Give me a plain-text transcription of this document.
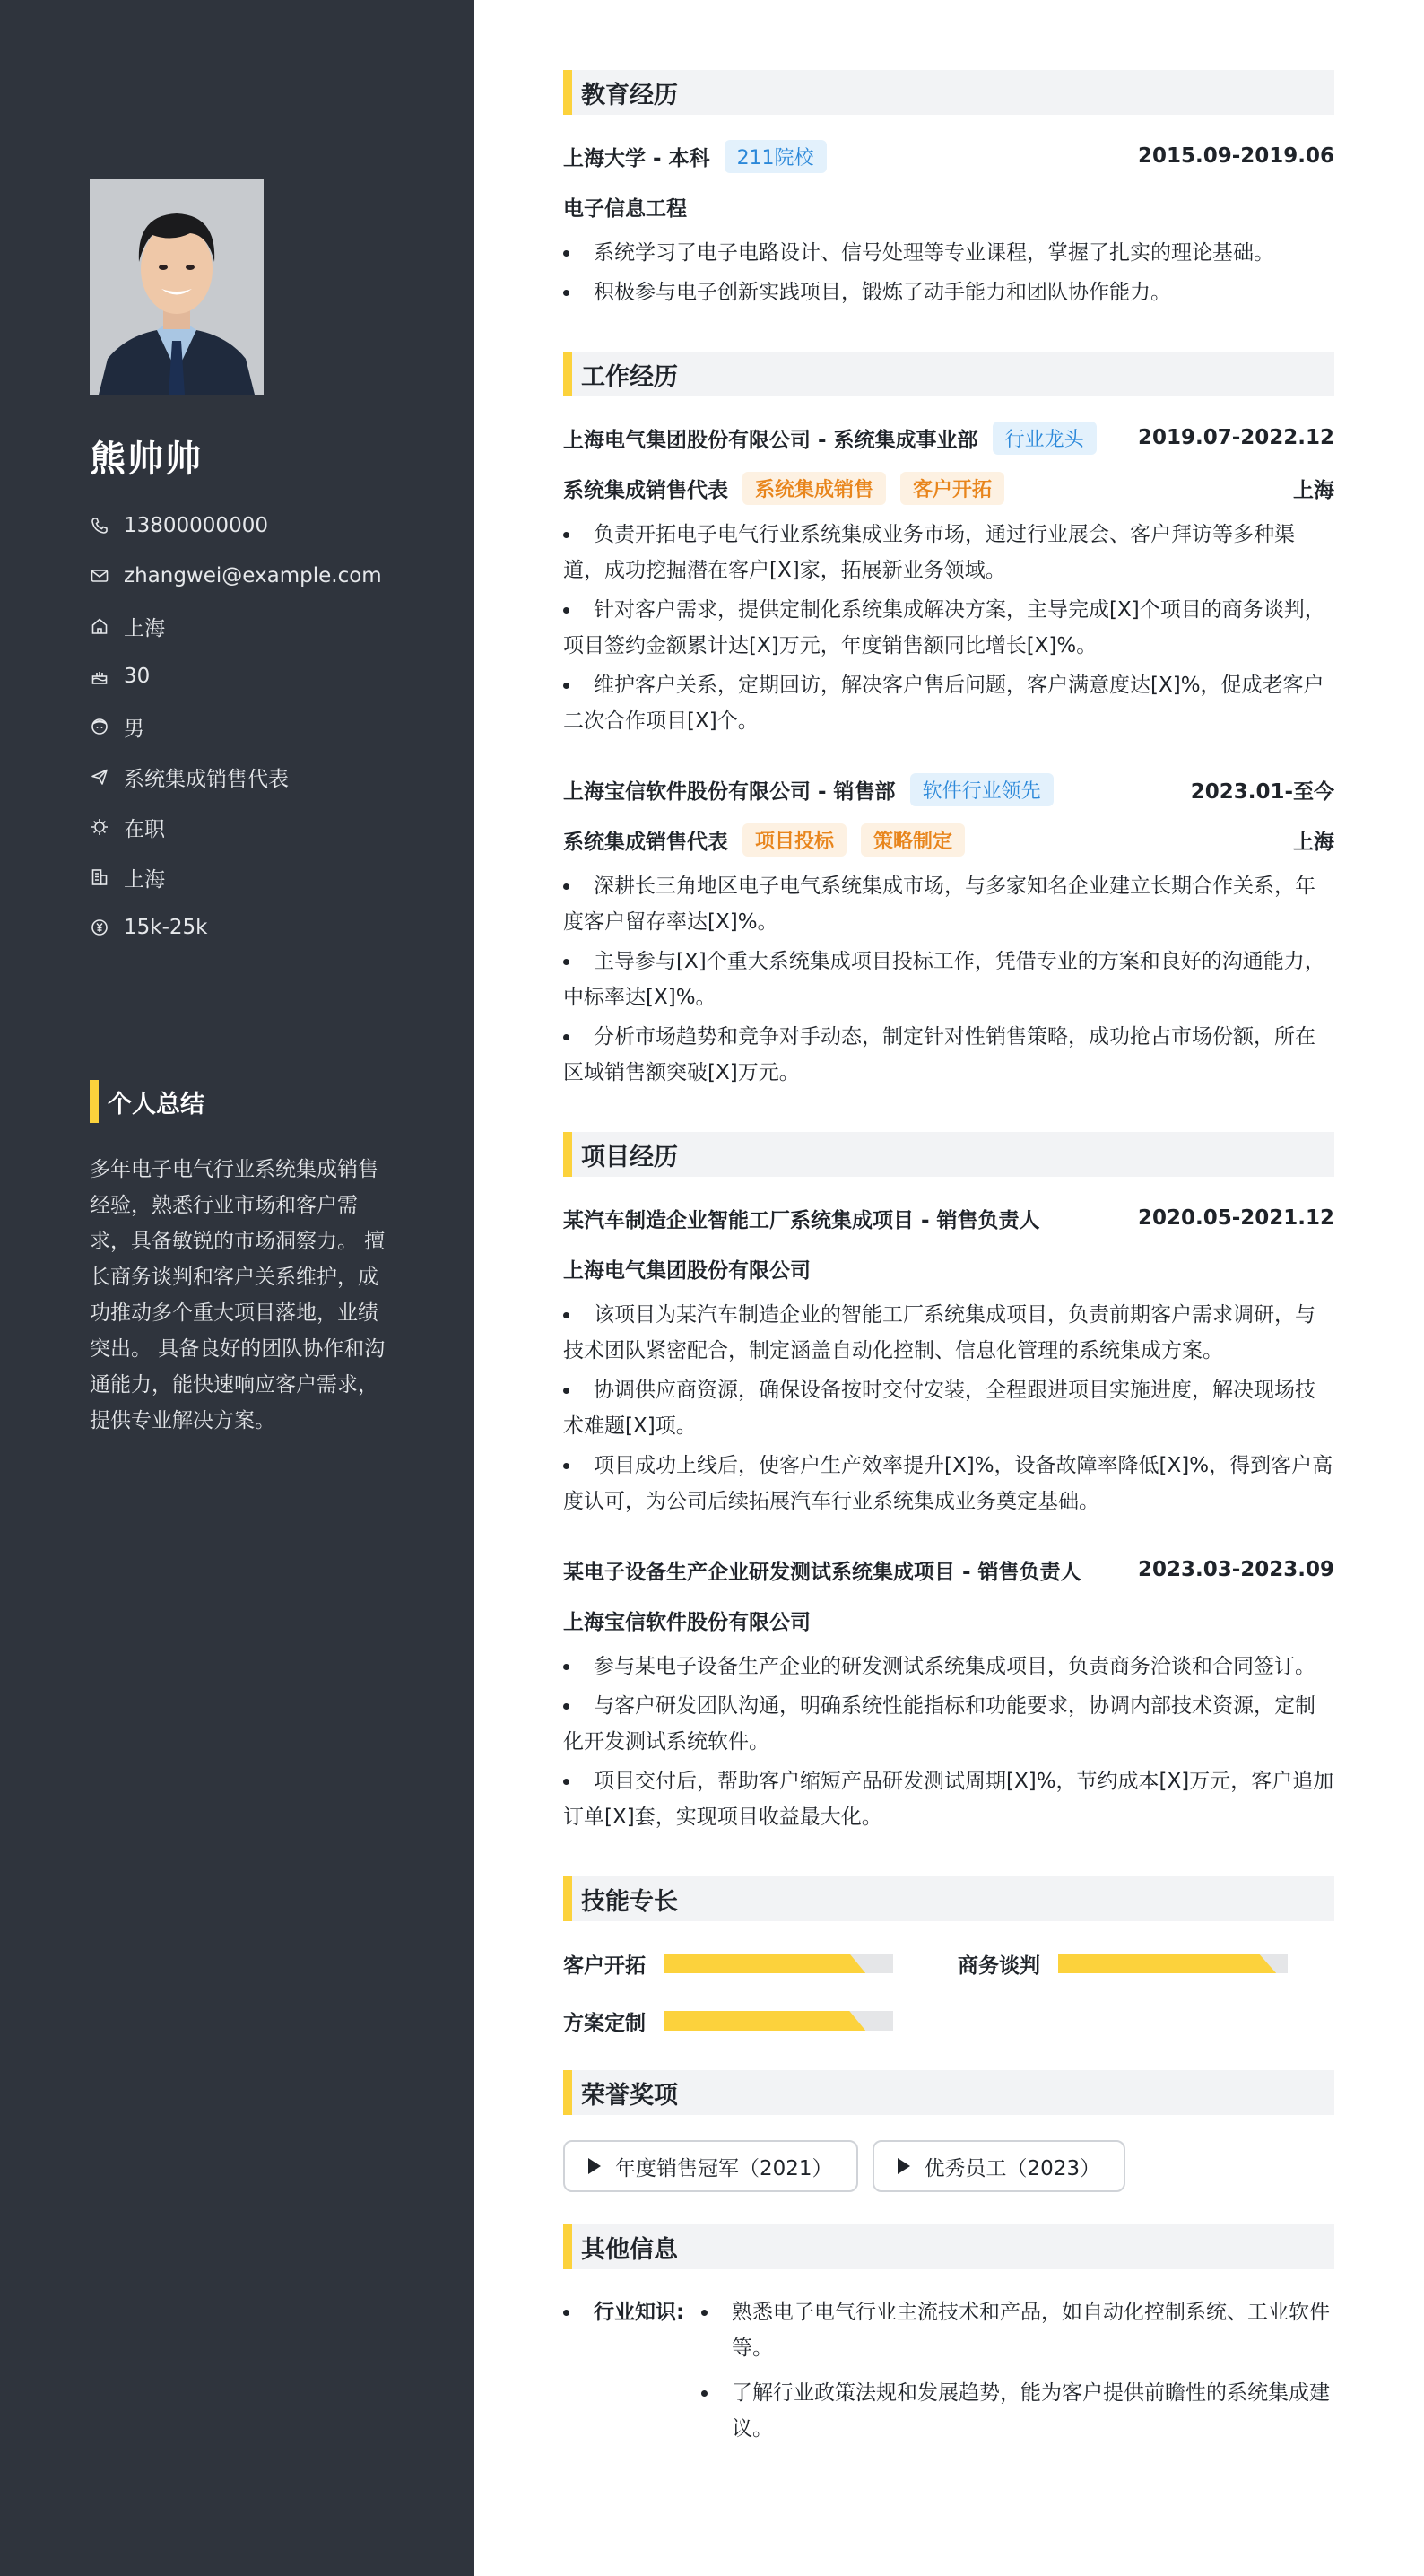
熊帅帅
13800000000
zhangwei@example.com
上海
30
男
系统集成销售代表
在职
上海
15k-25k
个人总结
多年电子电气行业系统集成销售经验，熟悉行业市场和客户需求，具备敏锐的市场洞察力。 擅长商务谈判和客户关系维护，成功推动多个重大项目落地，业绩突出。 具备良好的团队协作和沟通能力，能快速响应客户需求，提供专业解决方案。
教育经历
上海大学 - 本科	211院校	2015.09-2019.06
电子信息工程
系统学习了电子电路设计、信号处理等专业课程，掌握了扎实的理论基础。
积极参与电子创新实践项目，锻炼了动手能力和团队协作能力。
工作经历
上海电气集团股份有限公司 - 系统集成事业部	行业龙头	2019.07-2022.12
系统集成销售代表	系统集成销售	客户开拓	上海
负责开拓电子电气行业系统集成业务市场，通过行业展会、客户拜访等多种渠道，成功挖掘潜在客户[X]家，拓展新业务领域。
针对客户需求，提供定制化系统集成解决方案，主导完成[X]个项目的商务谈判，项目签约金额累计达[X]万元，年度销售额同比增长[X]%。
维护客户关系，定期回访，解决客户售后问题，客户满意度达[X]%，促成老客户二次合作项目[X]个。
上海宝信软件股份有限公司 - 销售部	软件行业领先	2023.01-至今
系统集成销售代表	项目投标	策略制定	上海
深耕长三角地区电子电气系统集成市场，与多家知名企业建立长期合作关系，年度客户留存率达[X]%。
主导参与[X]个重大系统集成项目投标工作，凭借专业的方案和良好的沟通能力，中标率达[X]%。
分析市场趋势和竞争对手动态，制定针对性销售策略，成功抢占市场份额，所在区域销售额突破[X]万元。
项目经历
某汽车制造企业智能工厂系统集成项目 - 销售负责人	2020.05-2021.12
上海电气集团股份有限公司
该项目为某汽车制造企业的智能工厂系统集成项目，负责前期客户需求调研，与技术团队紧密配合，制定涵盖自动化控制、信息化管理的系统集成方案。
协调供应商资源，确保设备按时交付安装，全程跟进项目实施进度，解决现场技术难题[X]项。
项目成功上线后，使客户生产效率提升[X]%，设备故障率降低[X]%，得到客户高度认可，为公司后续拓展汽车行业系统集成业务奠定基础。
某电子设备生产企业研发测试系统集成项目 - 销售负责人	2023.03-2023.09
上海宝信软件股份有限公司
参与某电子设备生产企业的研发测试系统集成项目，负责商务洽谈和合同签订。
与客户研发团队沟通，明确系统性能指标和功能要求，协调内部技术资源，定制化开发测试系统软件。
项目交付后，帮助客户缩短产品研发测试周期[X]%，节约成本[X]万元，客户追加订单[X]套，实现项目收益最大化。
技能专长
客户开拓	商务谈判
方案定制
荣誉奖项
年度销售冠军（2021）	优秀员工（2023）
其他信息
行业知识:	熟悉电子电气行业主流技术和产品，如自动化控制系统、工业软件等。
了解行业政策法规和发展趋势，能为客户提供前瞻性的系统集成建议。
